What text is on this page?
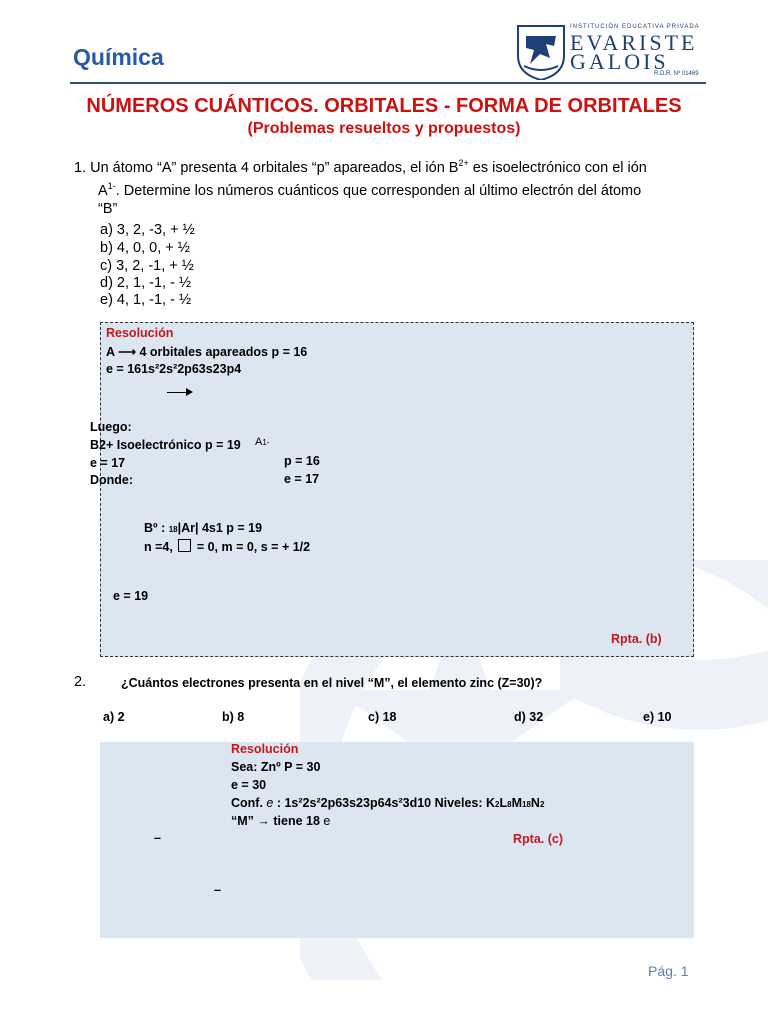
Química
INSTITUCIÓN EDUCATIVA PRIVADA
EVARISTE
GALOIS
R.D.R. Nº 01469
NÚMEROS CUÁNTICOS. ORBITALES - FORMA DE ORBITALES
(Problemas resueltos y propuestos)
1. Un átomo “A” presenta 4 orbitales “p” apareados, el ión $B^{2+}$ es isoelectrónico con el ión
$A^{1-}$. Determine los números cuánticos que corresponden al último electrón del átomo
“B”
a) 3, 2, -3, + ½
b) 4, 0, 0, + ½
c) 3, 2, -1, + ½
d) 2, 1, -1, - ½
e) 4, 1, -1, - ½
Resolución
A ⟶ 4 orbitales apareados p = 16
e = 161s²2s²2p63s23p4
Luego:
B2+ Isoelectrónico p = 19 A1-
e = 17	p = 16
Donde:	e = 17
Bº : 18|Ar| 4s1 p = 19
n =4, = 0, m = 0, s = + 1/2
e = 19
Rpta. (b)
2.	¿Cuántos electrones presenta en el nivel “M”, el elemento zinc (Z=30)?
a) 2	b) 8	c) 18	d) 32	e) 10
Resolución
Sea: Znº P = 30
e = 30
Conf. e : 1s²2s²2p63s23p64s²3d10 Niveles: K2L8M18N2
“M” → tiene 18 e
–	Rpta. (c)
–
Pág. 1
